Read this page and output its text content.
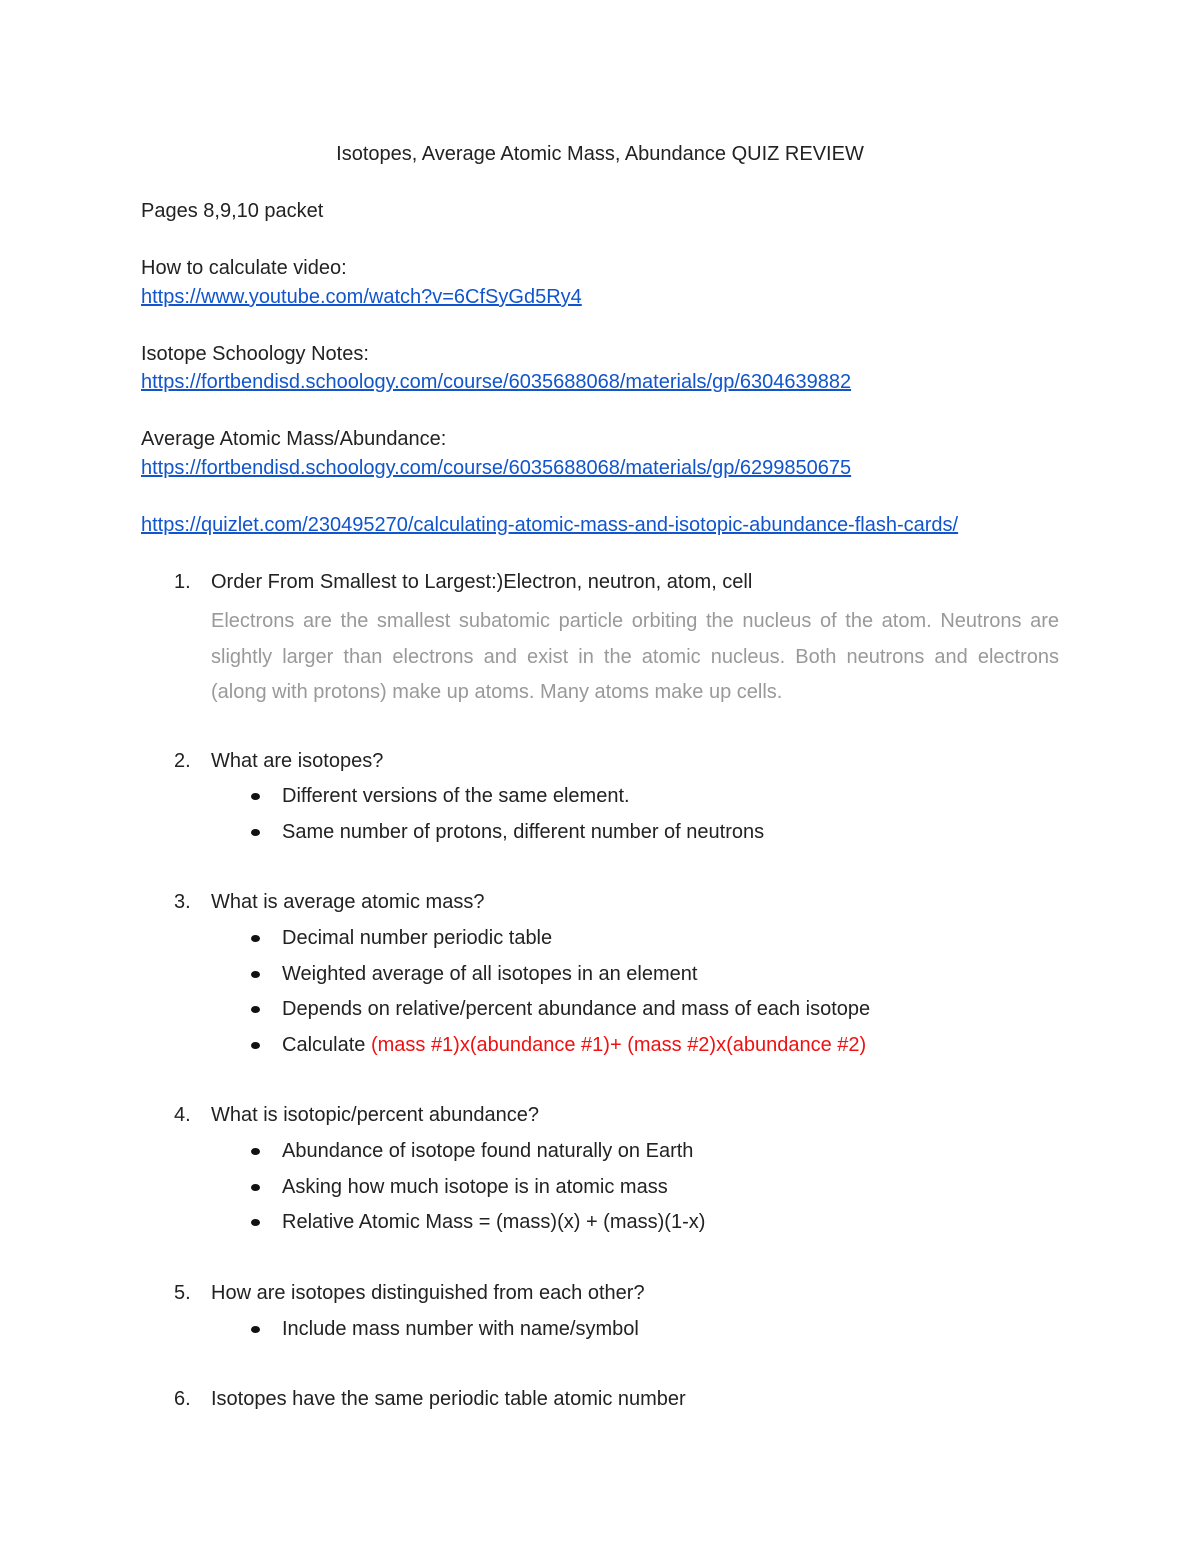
Isotopes, Average Atomic Mass, Abundance QUIZ REVIEW
Pages 8,9,10 packet
How to calculate video:
https://www.youtube.com/watch?v=6CfSyGd5Ry4
Isotope Schoology Notes:
https://fortbendisd.schoology.com/course/6035688068/materials/gp/6304639882
Average Atomic Mass/Abundance:
https://fortbendisd.schoology.com/course/6035688068/materials/gp/6299850675
https://quizlet.com/230495270/calculating-atomic-mass-and-isotopic-abundance-flash-cards/
1. Order From Smallest to Largest:)Electron, neutron, atom, cell
Electrons are the smallest subatomic particle orbiting the nucleus of the atom. Neutrons are slightly larger than electrons and exist in the atomic nucleus. Both neutrons and electrons (along with protons) make up atoms. Many atoms make up cells.
2. What are isotopes?
Different versions of the same element.
Same number of protons, different number of neutrons
3. What is average atomic mass?
Decimal number periodic table
Weighted average of all isotopes in an element
Depends on relative/percent abundance and mass of each isotope
Calculate (mass #1)x(abundance #1)+ (mass #2)x(abundance #2)
4. What is isotopic/percent abundance?
Abundance of isotope found naturally on Earth
Asking how much isotope is in atomic mass
Relative Atomic Mass = (mass)(x) + (mass)(1-x)
5. How are isotopes distinguished from each other?
Include mass number with name/symbol
6. Isotopes have the same periodic table atomic number
